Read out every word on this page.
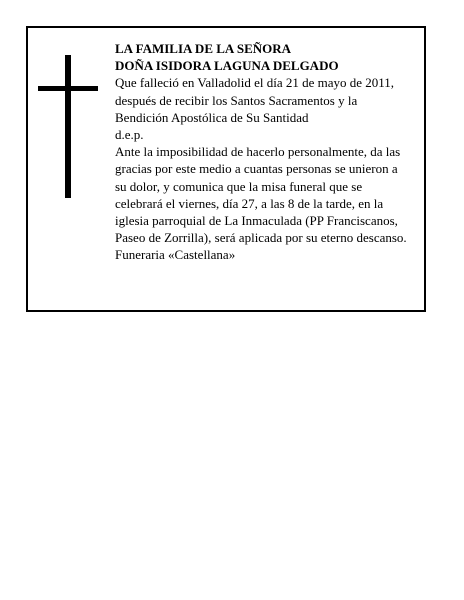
LA FAMILIA DE LA SEÑORA
DOÑA ISIDORA LAGUNA DELGADO
Que falleció en Valladolid el día 21 de mayo de 2011,
después de recibir los Santos Sacramentos y la
Bendición Apostólica de Su Santidad
d.e.p.
Ante la imposibilidad de hacerlo personalmente, da las
gracias por este medio a cuantas personas se unieron a
su dolor, y comunica que la misa funeral que se
celebrará el viernes, día 27, a las 8 de la tarde, en la
iglesia parroquial de La Inmaculada (PP Franciscanos,
Paseo de Zorrilla), será aplicada por su eterno descanso.
Funeraria «Castellana»
